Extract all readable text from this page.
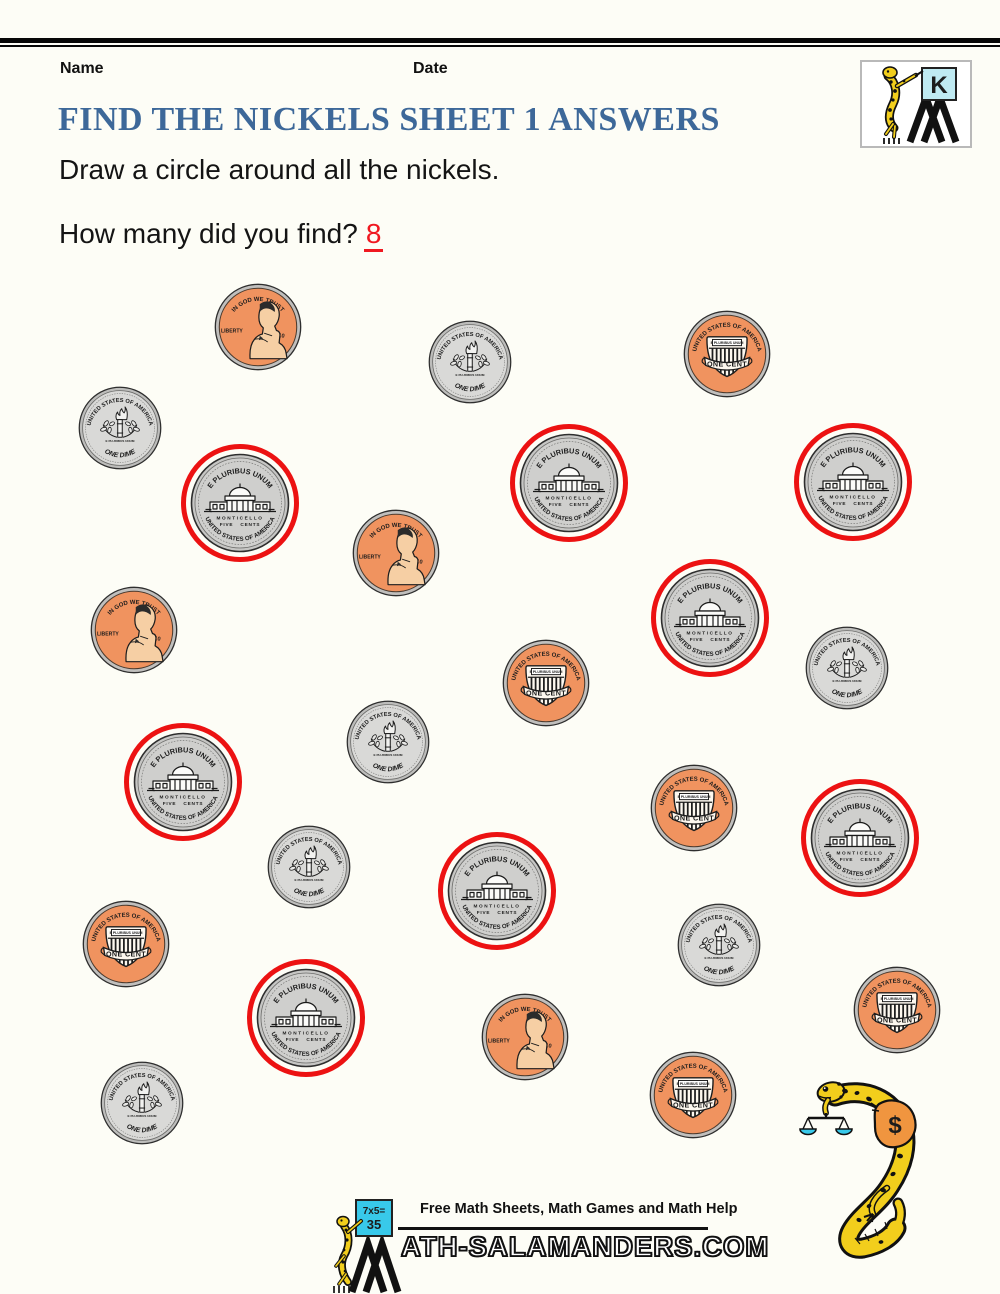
Name	Date
K
FIND THE NICKELS SHEET 1 ANSWERS
Draw a circle around all the nickels.
How many did you find? 8
7x5=
35
Free Math Sheets, Math Games and Math Help
ATH-SALAMANDERS.COM
$
